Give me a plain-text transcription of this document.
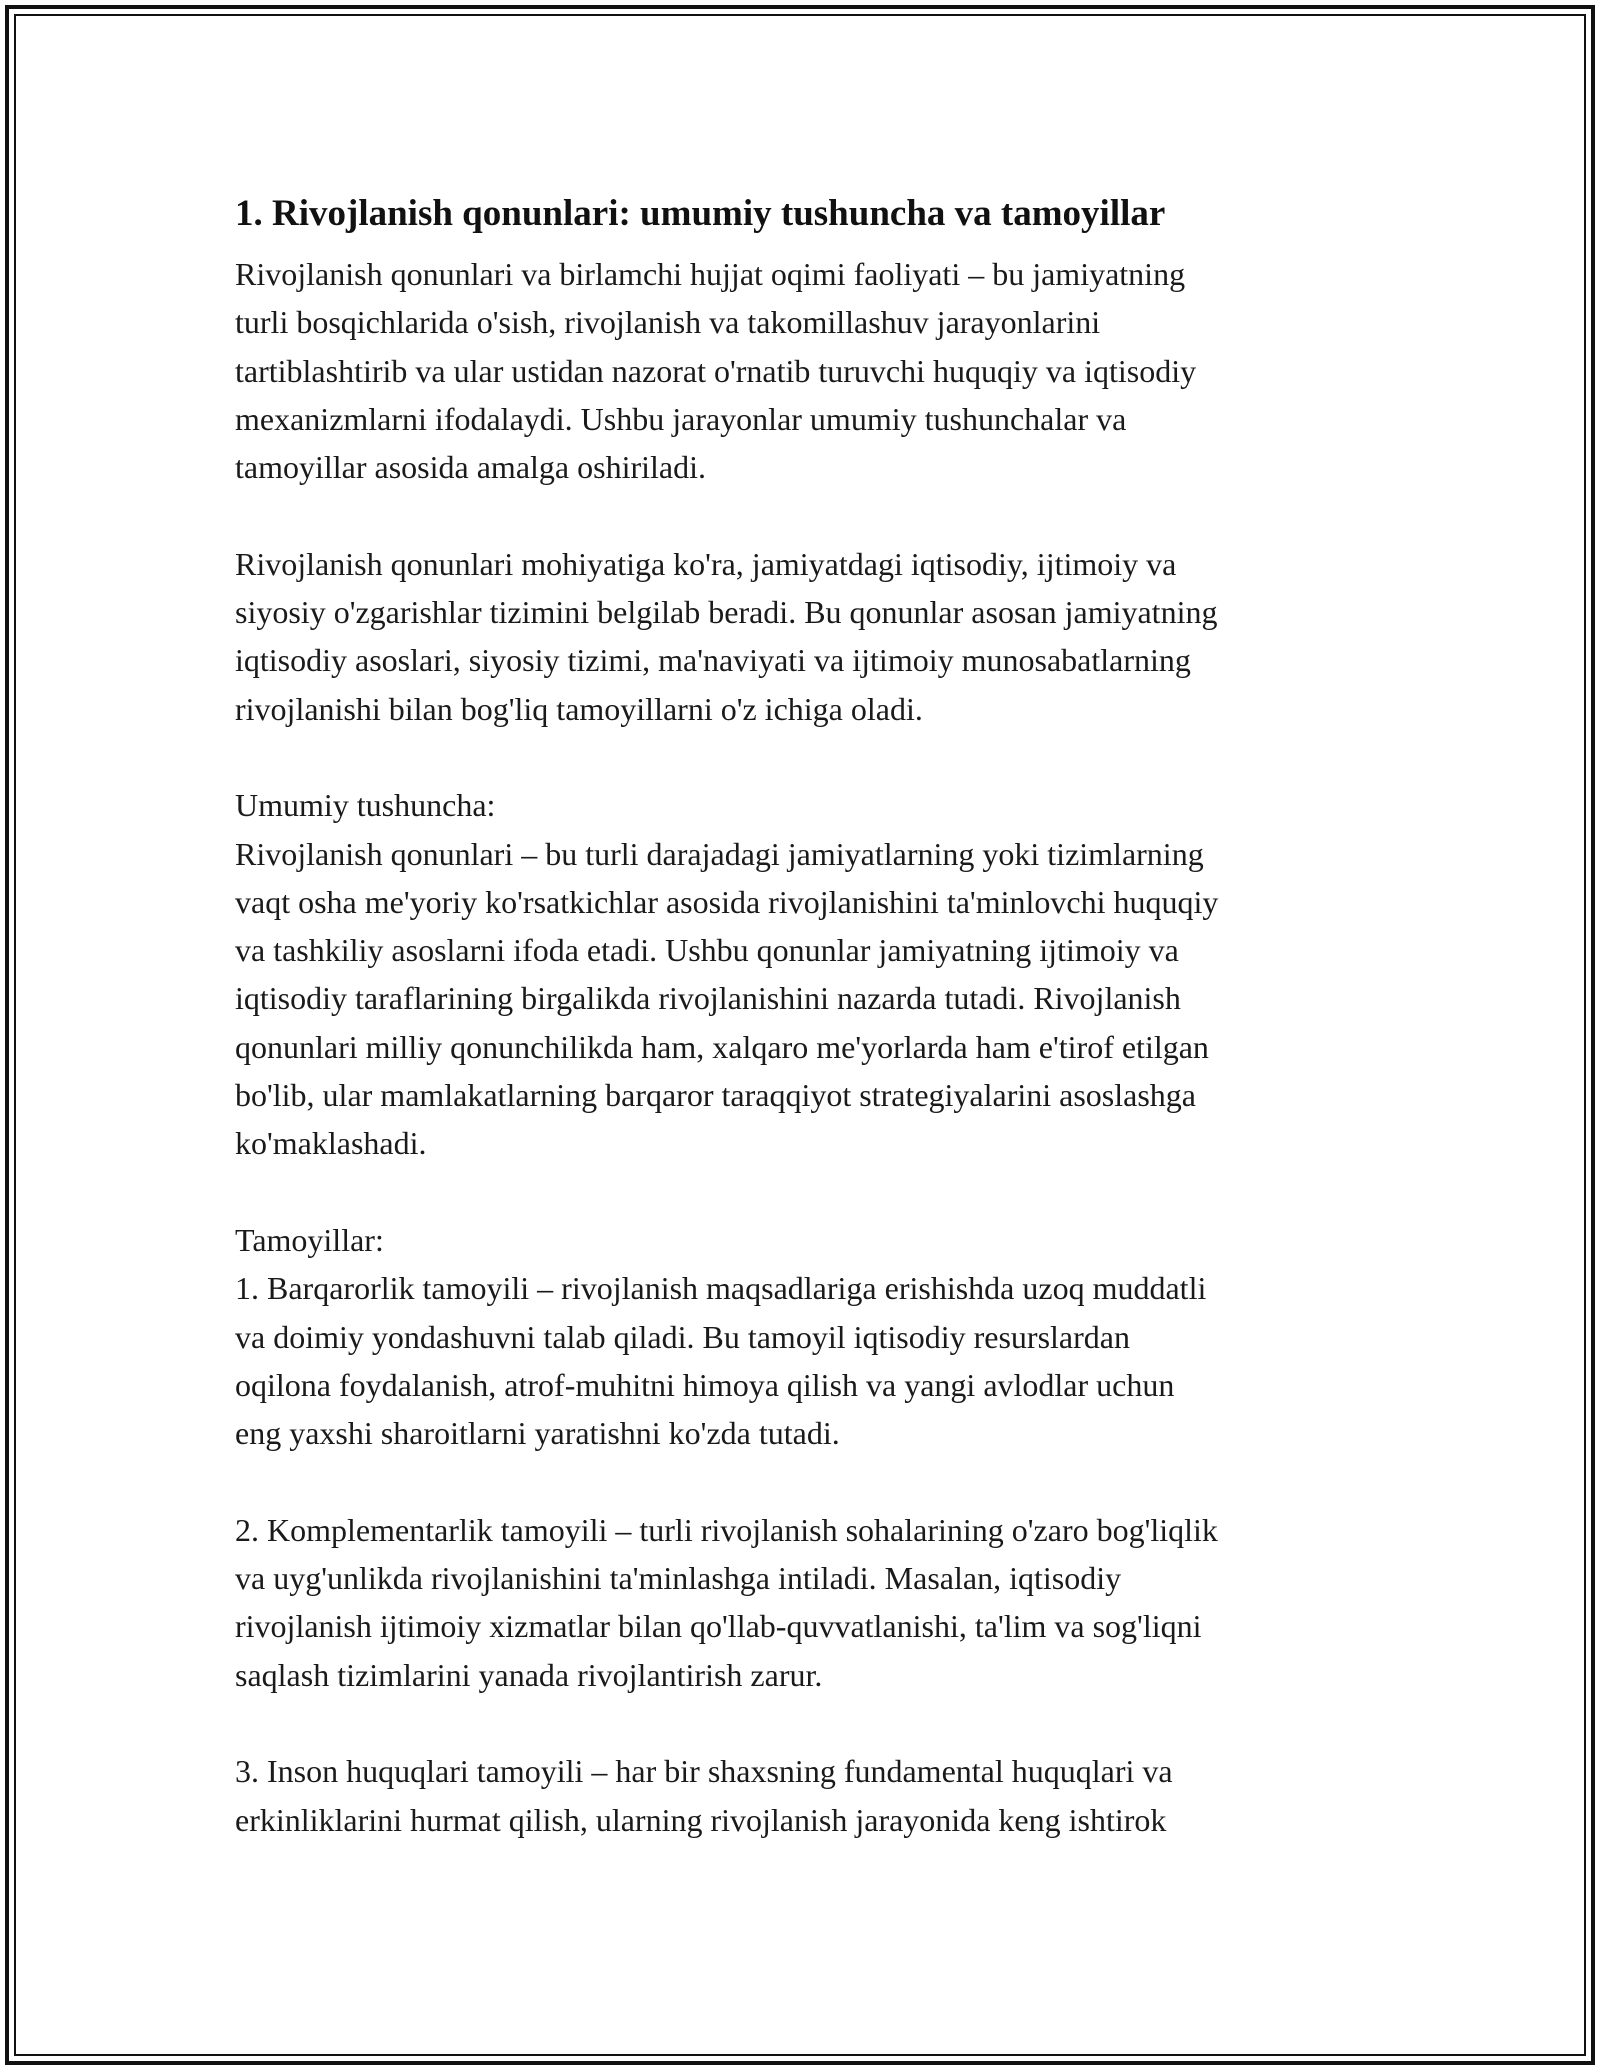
1. Rivojlanish qonunlari: umumiy tushuncha va tamoyillar
Rivojlanish qonunlari va birlamchi hujjat oqimi faoliyati – bu jamiyatning
turli bosqichlarida o'sish, rivojlanish va takomillashuv jarayonlarini
tartiblashtirib va ular ustidan nazorat o'rnatib turuvchi huquqiy va iqtisodiy
mexanizmlarni ifodalaydi. Ushbu jarayonlar umumiy tushunchalar va
tamoyillar asosida amalga oshiriladi.
Rivojlanish qonunlari mohiyatiga ko'ra, jamiyatdagi iqtisodiy, ijtimoiy va
siyosiy o'zgarishlar tizimini belgilab beradi. Bu qonunlar asosan jamiyatning
iqtisodiy asoslari, siyosiy tizimi, ma'naviyati va ijtimoiy munosabatlarning
rivojlanishi bilan bog'liq tamoyillarni o'z ichiga oladi.
Umumiy tushuncha:
Rivojlanish qonunlari – bu turli darajadagi jamiyatlarning yoki tizimlarning
vaqt osha me'yoriy ko'rsatkichlar asosida rivojlanishini ta'minlovchi huquqiy
va tashkiliy asoslarni ifoda etadi. Ushbu qonunlar jamiyatning ijtimoiy va
iqtisodiy taraflarining birgalikda rivojlanishini nazarda tutadi. Rivojlanish
qonunlari milliy qonunchilikda ham, xalqaro me'yorlarda ham e'tirof etilgan
bo'lib, ular mamlakatlarning barqaror taraqqiyot strategiyalarini asoslashga
ko'maklashadi.
Tamoyillar:
1. Barqarorlik tamoyili – rivojlanish maqsadlariga erishishda uzoq muddatli
va doimiy yondashuvni talab qiladi. Bu tamoyil iqtisodiy resurslardan
oqilona foydalanish, atrof-muhitni himoya qilish va yangi avlodlar uchun
eng yaxshi sharoitlarni yaratishni ko'zda tutadi.
2. Komplementarlik tamoyili – turli rivojlanish sohalarining o'zaro bog'liqlik
va uyg'unlikda rivojlanishini ta'minlashga intiladi. Masalan, iqtisodiy
rivojlanish ijtimoiy xizmatlar bilan qo'llab-quvvatlanishi, ta'lim va sog'liqni
saqlash tizimlarini yanada rivojlantirish zarur.
3. Inson huquqlari tamoyili – har bir shaxsning fundamental huquqlari va
erkinliklarini hurmat qilish, ularning rivojlanish jarayonida keng ishtirok
